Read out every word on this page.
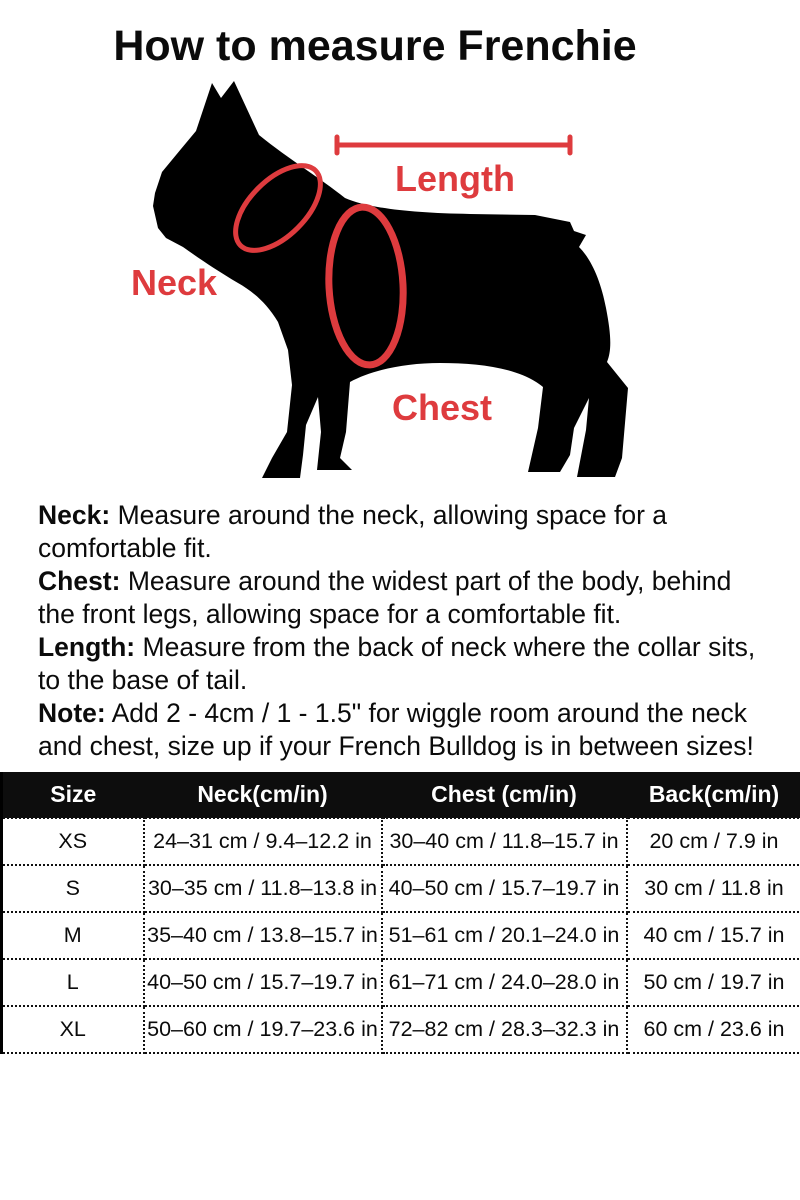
How to measure Frenchie
Length
Neck
Chest

Neck: Measure around the neck, allowing space for a comfortable fit.

Chest: Measure around the widest part of the body, behind the front legs, allowing space for a comfortable fit.

Length: Measure from the back of neck where the collar sits, to the base of tail.

Note: Add 2 - 4cm / 1 - 1.5" for wiggle room around the neck and chest, size up if your French Bulldog is in between sizes!

Size	Neck(cm/in)	Chest (cm/in)	Back(cm/in)
XS	24–31 cm / 9.4–12.2 in	30–40 cm / 11.8–15.7 in	20 cm / 7.9 in
S	30–35 cm / 11.8–13.8 in	40–50 cm / 15.7–19.7 in	30 cm / 11.8 in
M	35–40 cm / 13.8–15.7 in	51–61 cm / 20.1–24.0 in	40 cm / 15.7 in
L	40–50 cm / 15.7–19.7 in	61–71 cm / 24.0–28.0 in	50 cm / 19.7 in
XL	50–60 cm / 19.7–23.6 in	72–82 cm / 28.3–32.3 in	60 cm / 23.6 in
